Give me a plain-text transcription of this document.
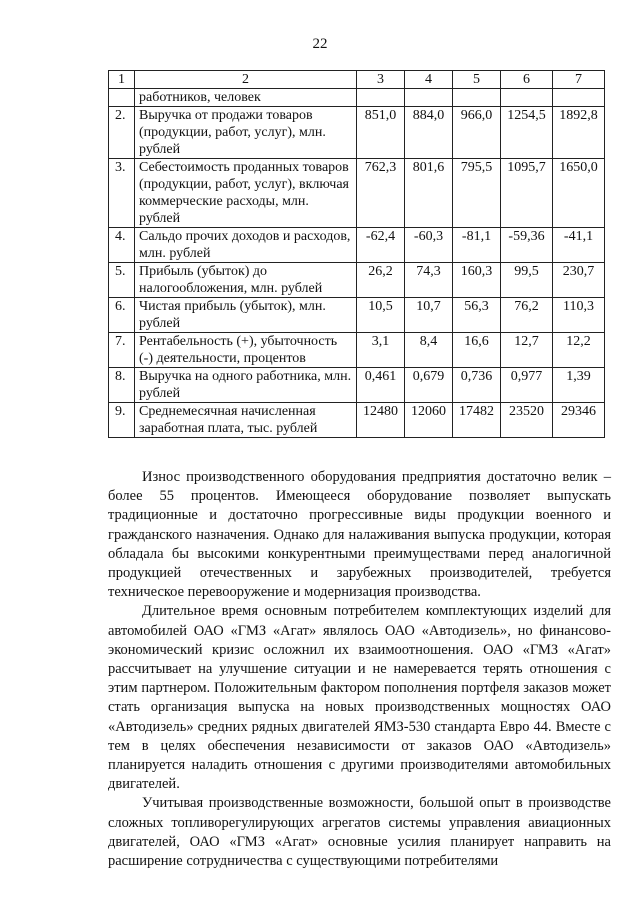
22
1	2	3	4	5	6	7
	работников, человек					
2.	Выручка от продажи товаров (продукции, работ, услуг), млн. рублей	851,0	884,0	966,0	1254,5	1892,8
3.	Себестоимость проданных товаров (продукции, работ, услуг), включая коммерческие расходы, млн. рублей	762,3	801,6	795,5	1095,7	1650,0
4.	Сальдо прочих доходов и расходов, млн. рублей	-62,4	-60,3	-81,1	-59,36	-41,1
5.	Прибыль (убыток) до налогообложения, млн. рублей	26,2	74,3	160,3	99,5	230,7
6.	Чистая прибыль (убыток), млн. рублей	10,5	10,7	56,3	76,2	110,3
7.	Рентабельность (+), убыточность (-) деятельности, процентов	3,1	8,4	16,6	12,7	12,2
8.	Выручка на одного работника, млн. рублей	0,461	0,679	0,736	0,977	1,39
9.	Среднемесячная начисленная заработная плата, тыс. рублей	12480	12060	17482	23520	29346

Износ производственного оборудования предприятия достаточно велик – более 55 процентов. Имеющееся оборудование позволяет выпускать традиционные и достаточно прогрессивные виды продукции военного и гражданского назначения. Однако для налаживания выпуска продукции, которая обладала бы высокими конкурентными преимуществами перед аналогичной продукцией отечественных и зарубежных производителей, требуется техническое перевооружение и модернизация производства.

Длительное время основным потребителем комплектующих изделий для автомобилей ОАО «ГМЗ «Агат» являлось ОАО «Автодизель», но финансово-экономический кризис осложнил их взаимоотношения. ОАО «ГМЗ «Агат» рассчитывает на улучшение ситуации и не намеревается терять отношения с этим партнером. Положительным фактором пополнения портфеля заказов может стать организация выпуска на новых производственных мощностях ОАО «Автодизель» средних рядных двигателей ЯМЗ-530 стандарта Евро 44. Вместе с тем в целях обеспечения независимости от заказов ОАО «Автодизель» планируется наладить отношения с другими производителями автомобильных двигателей.

Учитывая производственные возможности, большой опыт в производстве сложных топливорегулирующих агрегатов системы управления авиационных двигателей, ОАО «ГМЗ «Агат» основные усилия планирует направить на расширение сотрудничества с существующими потребителями
